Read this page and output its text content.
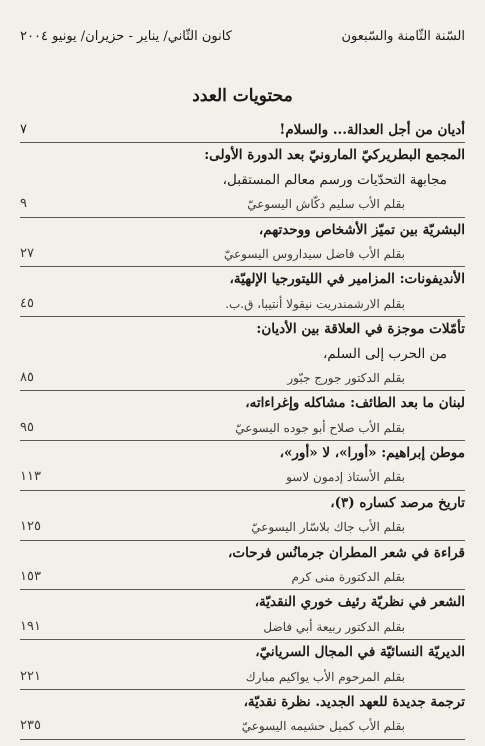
السّنة الثّامنة والسّبعون
كانون الثّاني/ يناير - حزيران/ يونيو ٢٠٠٤
محتويات العدد
أديان من أجل العدالة... والسلام!
٧
المجمع البطريركيّ المارونيّ بعد الدورة الأولى:
مجابهة التحدّيات ورسم معالم المستقبل،
بقلم الأب سليم دكّاش اليسوعيّ
٩
البشريّة بين تميّز الأشخاص ووحدتهم،
بقلم الأب فاضل سيداروس اليسوعيّ
٢٧
الأنديفونات: المزامير في الليتورجيا الإلهيّة،
بقلم الارشمندريت نيقولا أنتيبا، ق.ب.
٤٥
تأمّلات موجزة في العلاقة بين الأديان:
من الحرب إلى السلم،
بقلم الدكتور جورج جبّور
٨٥
لبنان ما بعد الطائف: مشاكله وإغراءاته،
بقلم الأب صلاح أبو جوده اليسوعيّ
٩٥
موطن إبراهيم: «أورا»، لا «أور»،
بقلم الأستاذ إدمون لاسو
١١٣
تاريخ مرصد كساره (٣)،
بقلم الأب جاك بلاسّار اليسوعيّ
١٢٥
قراءة في شعر المطران جرمانُس فرحات،
بقلم الدكتورة منى كرم
١٥٣
الشعر في نظريّة رئيف خوري النقديّة،
بقلم الدكتور ربيعة أبي فاضل
١٩١
الديريّة النسائيّة في المجال السريانيّ،
بقلم المرحوم الأب يواكيم مبارك
٢٢١
ترجمة جديدة للعهد الجديد. نظرة نقديّة،
بقلم الأب كميل حشيمه اليسوعيّ
٢٣٥
